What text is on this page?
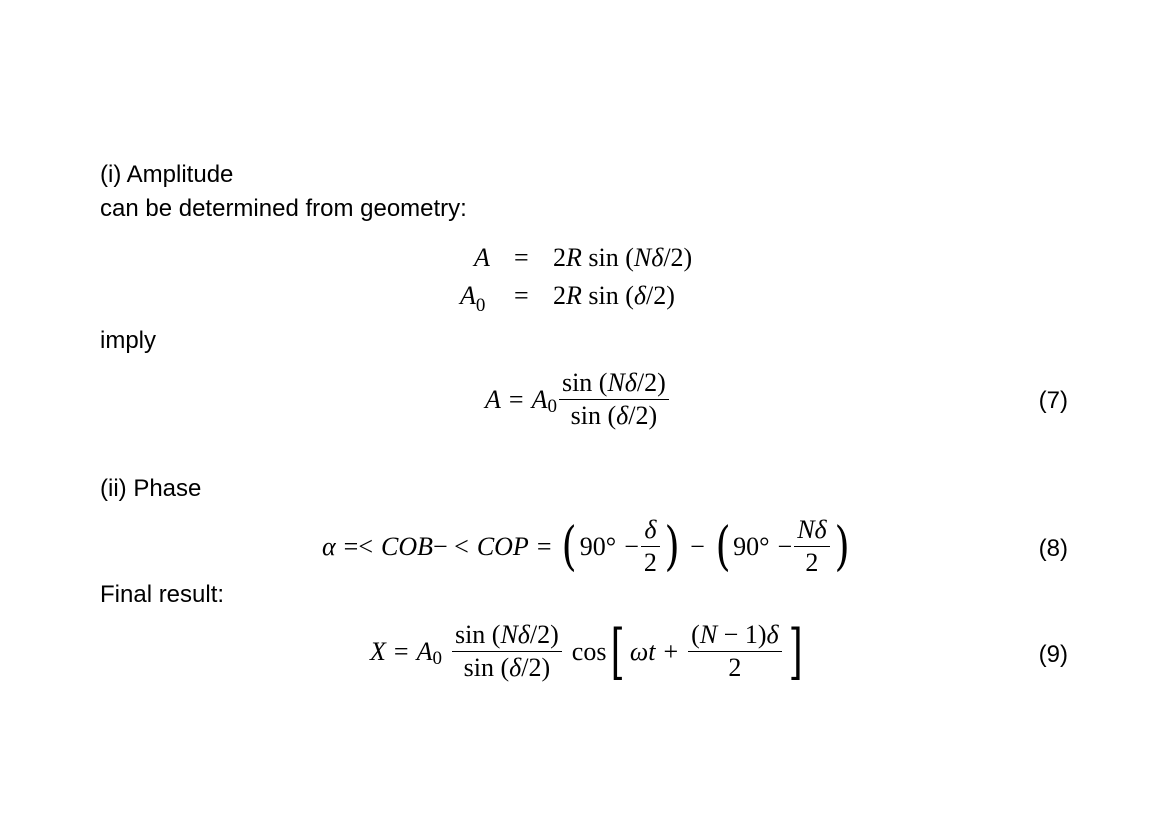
(i) Amplitude
can be determined from geometry:
A = 2R sin (Nδ/2)
$A_0 = 2R$ sin (δ/2)
imply
A = A $0 \frac{\sin (N\delta/2)}{\sin (\delta/2)}$	(7)
(ii) Phase
α =< COB − < COP = ( $90^\circ - \frac{\delta}{2}$ ) − ( $90^\circ - \frac{N\delta}{2}$ )	(8)
Final result:
X = A $0 \frac{\sin (N\delta/2)}{\sin (\delta/2)}$ cos [ $\omega t + \frac{(N - 1)\delta}{2}$ ]	(9)
